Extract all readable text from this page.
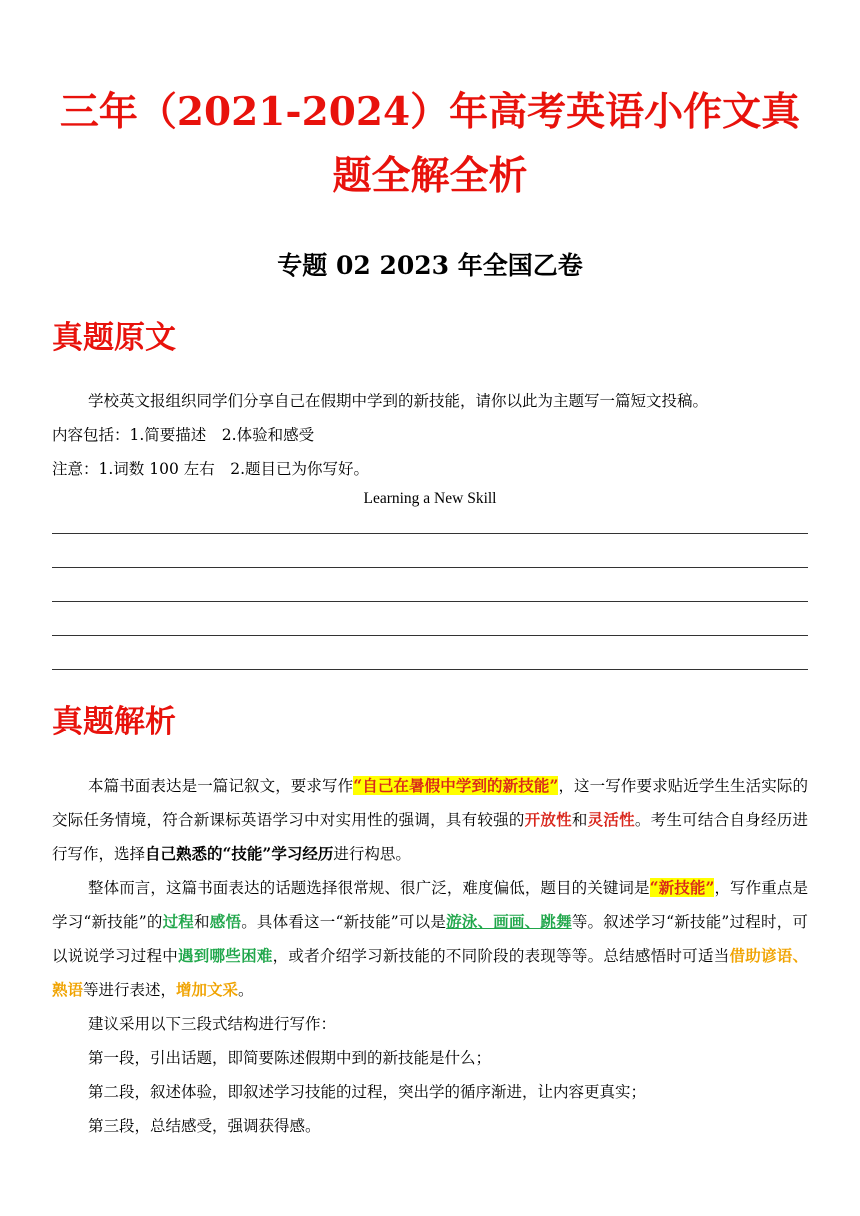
三年（2021-2024）年高考英语小作文真题全解全析
专题 02 2023 年全国乙卷
真题原文
学校英文报组织同学们分享自己在假期中学到的新技能，请你以此为主题写一篇短文投稿。
内容包括：1.简要描述　2.体验和感受
注意：1.词数 100 左右　2.题目已为你写好。
Learning a New Skill
真题解析
本篇书面表达是一篇记叙文，要求写作“自己在暑假中学到的新技能”，这一写作要求贴近学生生活实际的交际任务情境，符合新课标英语学习中对实用性的强调，具有较强的开放性和灵活性。考生可结合自身经历进行写作，选择自己熟悉的“技能”学习经历进行构思。
整体而言，这篇书面表达的话题选择很常规、很广泛，难度偏低，题目的关键词是“新技能”，写作重点是学习“新技能”的过程和感悟。具体看这一“新技能”可以是游泳、画画、跳舞等。叙述学习“新技能”过程时，可以说说学习过程中遇到哪些困难，或者介绍学习新技能的不同阶段的表现等等。总结感悟时可适当借助谚语、熟语等进行表述，增加文采。
建议采用以下三段式结构进行写作：
第一段，引出话题，即简要陈述假期中到的新技能是什么；
第二段，叙述体验，即叙述学习技能的过程，突出学的循序渐进，让内容更真实；
第三段，总结感受，强调获得感。
